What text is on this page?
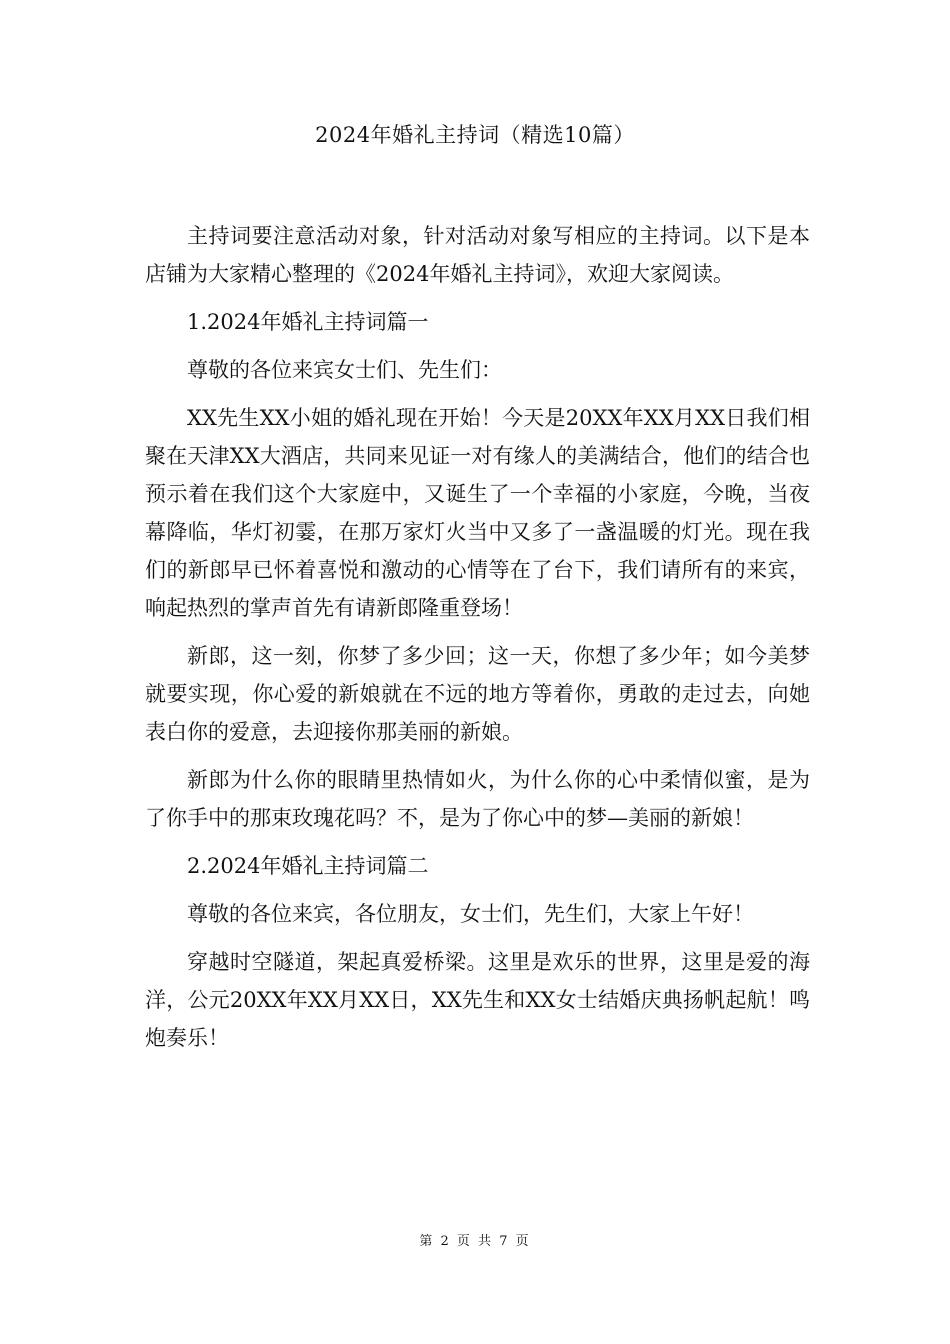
2024年婚礼主持词（精选10篇）

主持词要注意活动对象，针对活动对象写相应的主持词。以下是本店铺为大家精心整理的《2024年婚礼主持词》，欢迎大家阅读。

1.2024年婚礼主持词篇一

尊敬的各位来宾女士们、先生们：

XX先生XX小姐的婚礼现在开始！今天是20XX年XX月XX日我们相聚在天津XX大酒店，共同来见证一对有缘人的美满结合，他们的结合也预示着在我们这个大家庭中，又诞生了一个幸福的小家庭，今晚，当夜幕降临，华灯初霎，在那万家灯火当中又多了一盏温暖的灯光。现在我们的新郎早已怀着喜悦和激动的心情等在了台下，我们请所有的来宾，响起热烈的掌声首先有请新郎隆重登场！

新郎，这一刻，你梦了多少回；这一天，你想了多少年；如今美梦就要实现，你心爱的新娘就在不远的地方等着你，勇敢的走过去，向她表白你的爱意，去迎接你那美丽的新娘。

新郎为什么你的眼睛里热情如火，为什么你的心中柔情似蜜，是为了你手中的那束玫瑰花吗？不，是为了你心中的梦—美丽的新娘！

2.2024年婚礼主持词篇二

尊敬的各位来宾，各位朋友，女士们，先生们，大家上午好！

穿越时空隧道，架起真爱桥梁。这里是欢乐的世界，这里是爱的海洋，公元20XX年XX月XX日，XX先生和XX女士结婚庆典扬帆起航！鸣炮奏乐！

第 2 页 共 7 页
